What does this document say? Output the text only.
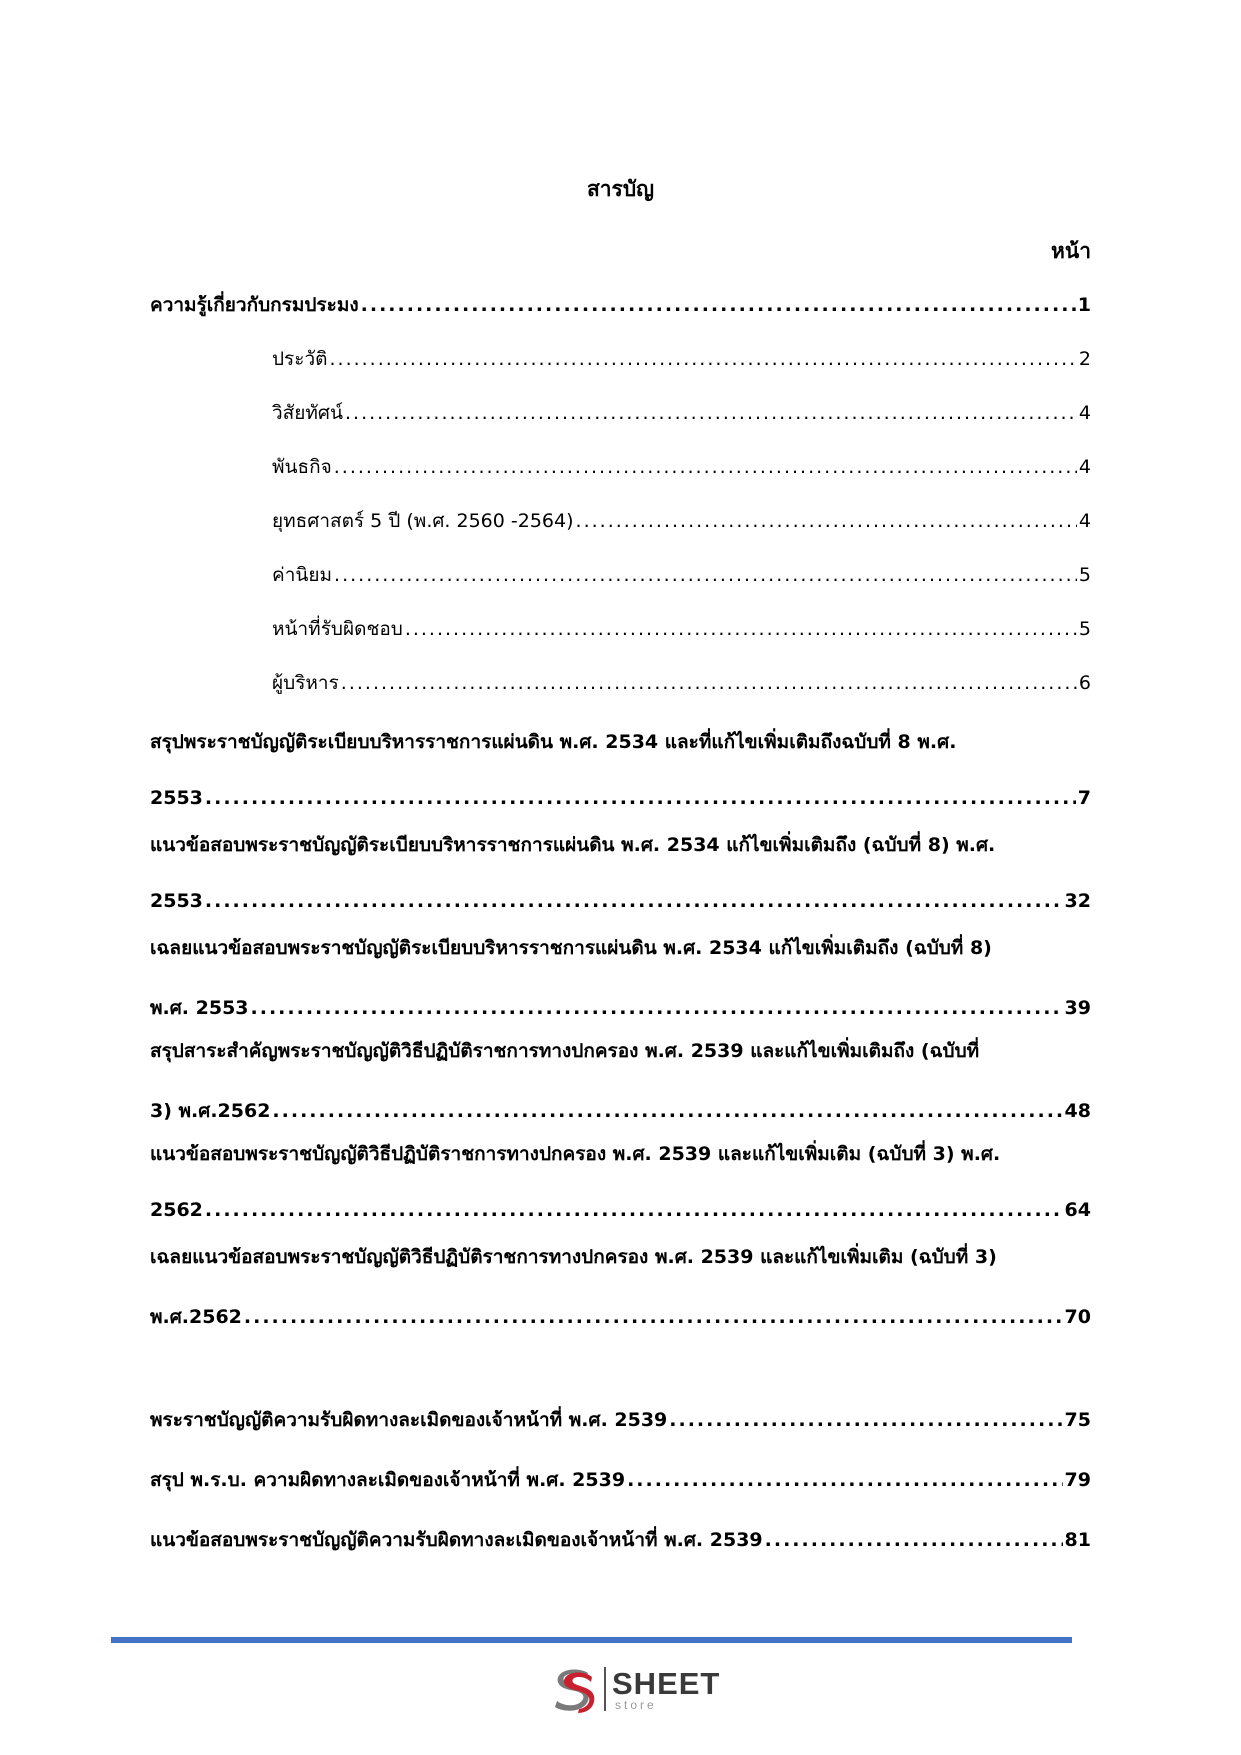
สารบัญ
หน้า
ความรู้เกี่ยวกับกรมประมง .....	1
ประวัติ .....	2
วิสัยทัศน์ .....	4
พันธกิจ .....	4
ยุทธศาสตร์ 5 ปี (พ.ศ. 2560 -2564) .....	4
ค่านิยม .....	5
หน้าที่รับผิดชอบ .....	5
ผู้บริหาร .....	6
สรุปพระราชบัญญัติระเบียบบริหารราชการแผ่นดิน พ.ศ. 2534 และที่แก้ไขเพิ่มเติมถึงฉบับที่ 8 พ.ศ.
2553 .....	7
แนวข้อสอบพระราชบัญญัติระเบียบบริหารราชการแผ่นดิน พ.ศ. 2534 แก้ไขเพิ่มเติมถึง (ฉบับที่ 8) พ.ศ.
2553 .....	32
เฉลยแนวข้อสอบพระราชบัญญัติระเบียบบริหารราชการแผ่นดิน พ.ศ. 2534 แก้ไขเพิ่มเติมถึง (ฉบับที่ 8)
พ.ศ. 2553 .....	39
สรุปสาระสำคัญพระราชบัญญัติวิธีปฏิบัติราชการทางปกครอง พ.ศ. 2539 และแก้ไขเพิ่มเติมถึง (ฉบับที่
3) พ.ศ.2562 .....	48
แนวข้อสอบพระราชบัญญัติวิธีปฏิบัติราชการทางปกครอง พ.ศ. 2539 และแก้ไขเพิ่มเติม (ฉบับที่ 3) พ.ศ.
2562 .....	64
เฉลยแนวข้อสอบพระราชบัญญัติวิธีปฏิบัติราชการทางปกครอง พ.ศ. 2539 และแก้ไขเพิ่มเติม (ฉบับที่ 3)
พ.ศ.2562 .....	70
พระราชบัญญัติความรับผิดทางละเมิดของเจ้าหน้าที่ พ.ศ. 2539 .....	75
สรุป พ.ร.บ. ความผิดทางละเมิดของเจ้าหน้าที่ พ.ศ. 2539 .....	79
แนวข้อสอบพระราชบัญญัติความรับผิดทางละเมิดของเจ้าหน้าที่ พ.ศ. 2539 .....	81
SHEET
store
